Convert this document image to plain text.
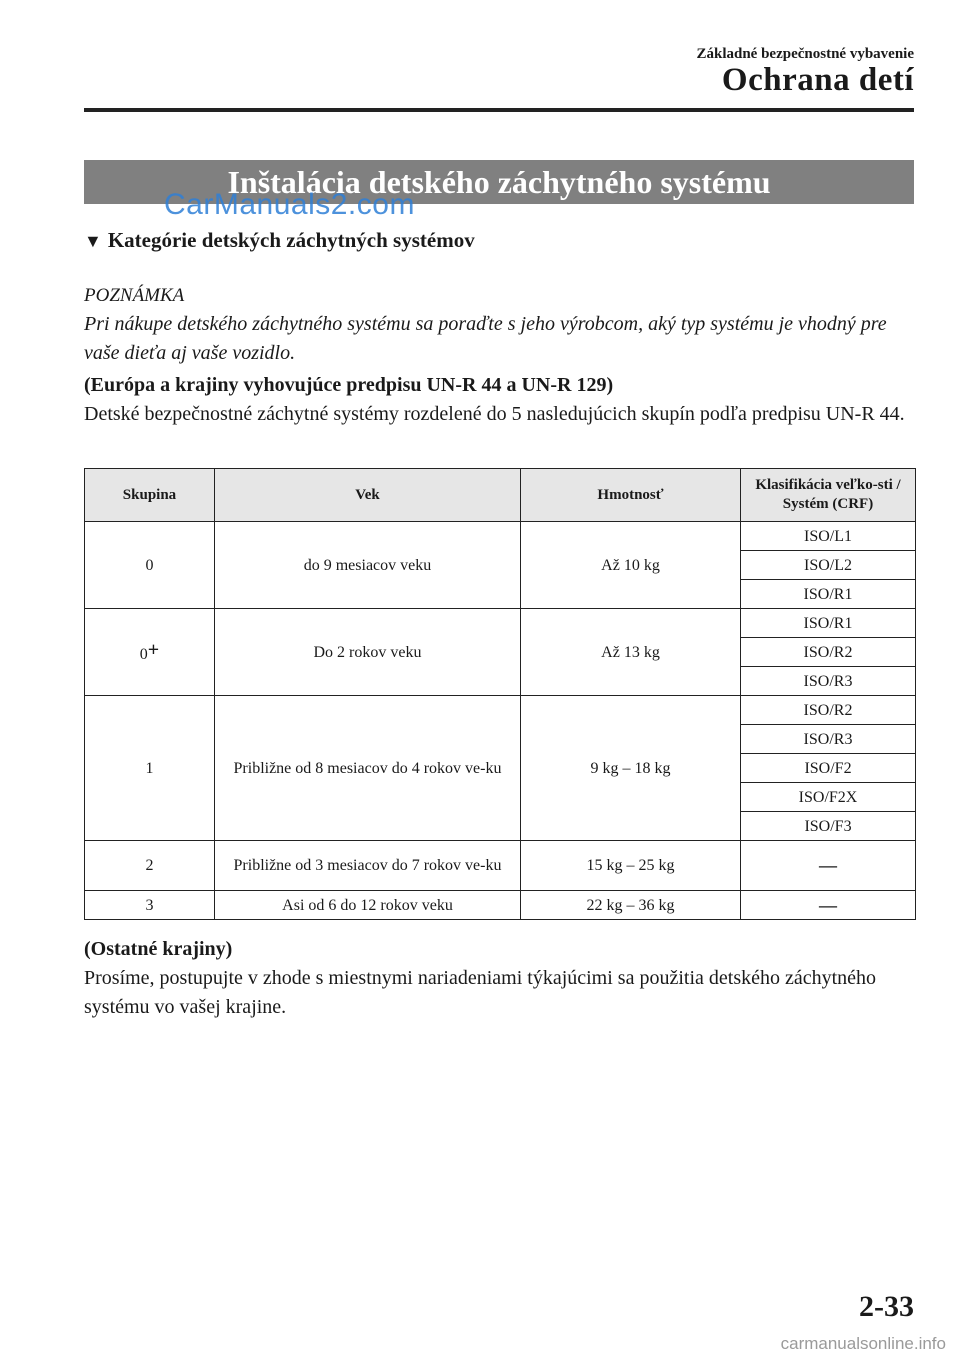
Základné bezpečnostné vybavenie
Ochrana detí
Inštalácia detského záchytného systému
CarManuals2.com
▼ Kategórie detských záchytných systémov
POZNÁMKA
Pri nákupe detského záchytného systému sa poraďte s jeho výrobcom, aký typ systému je vhodný pre vaše dieťa aj vaše vozidlo.
(Európa a krajiny vyhovujúce predpisu UN-R 44 a UN-R 129)
Detské bezpečnostné záchytné systémy rozdelené do 5 nasledujúcich skupín podľa predpisu UN-R 44.
Skupina	Vek	Hmotnosť	Klasifikácia veľko-sti / Systém (CRF)
0	do 9 mesiacov veku	Až 10 kg	ISO/L1
			ISO/L2
			ISO/R1
0+	Do 2 rokov veku	Až 13 kg	ISO/R1
			ISO/R2
			ISO/R3
1	Približne od 8 mesiacov do 4 rokov ve-ku	9 kg – 18 kg	ISO/R2
			ISO/R3
			ISO/F2
			ISO/F2X
			ISO/F3
2	Približne od 3 mesiacov do 7 rokov ve-ku	15 kg – 25 kg	—
3	Asi od 6 do 12 rokov veku	22 kg – 36 kg	—
(Ostatné krajiny)
Prosíme, postupujte v zhode s miestnymi nariadeniami týkajúcimi sa použitia detského záchytného systému vo vašej krajine.
2-33
carmanualsonline.info
